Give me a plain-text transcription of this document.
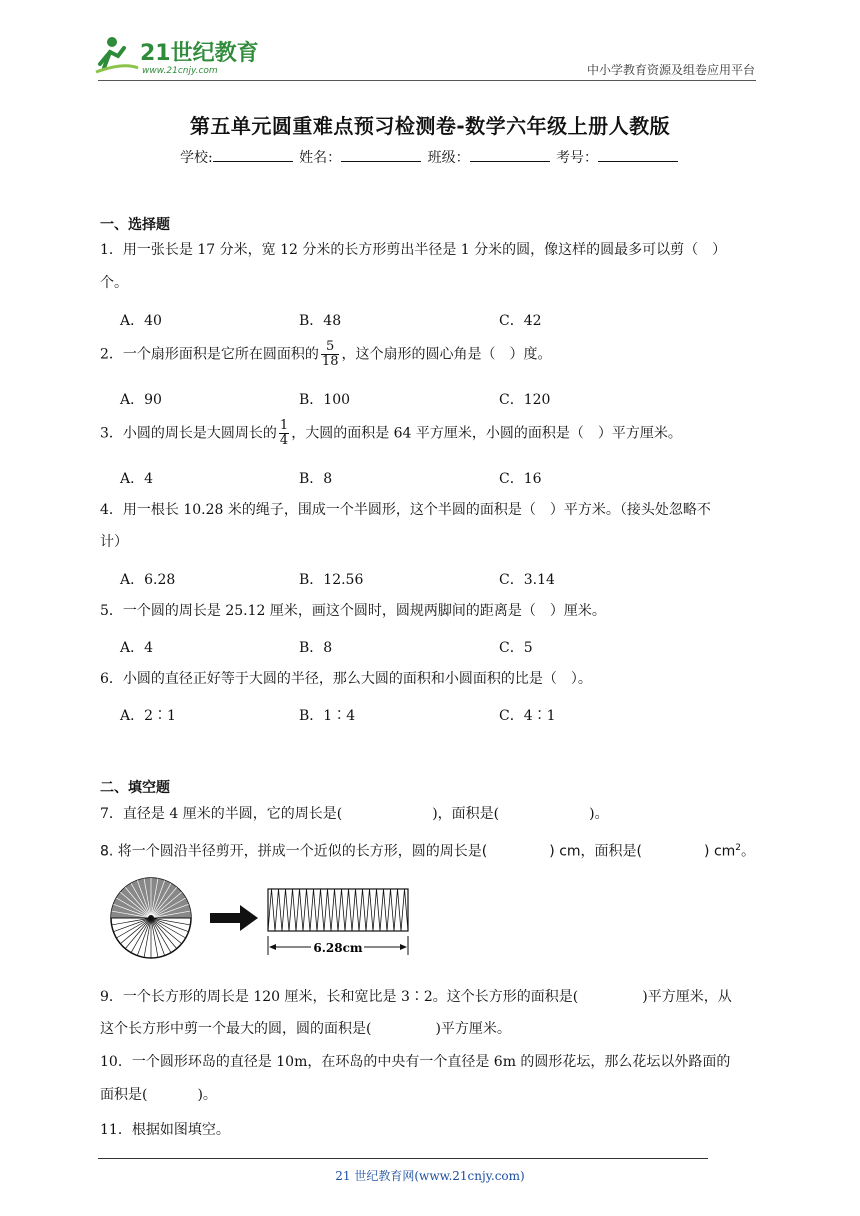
21世纪教育
www.21cnjy.com	中小学教育资源及组卷应用平台
第五单元圆重难点预习检测卷-数学六年级上册人教版
学校:	姓名：	班级：	考号：
一、选择题
1．用一张长是 17 分米，宽 12 分米的长方形剪出半径是 1 分米的圆，像这样的圆最多可以剪（　）
个。
A．40	B．48	C．42
2．一个扇形面积是它所在圆面积的 $\frac{5}{18}$ ，这个扇形的圆心角是（　）度。
A．90	B．100	C．120
3．小圆的周长是大圆周长的 $\frac{1}{4}$ ，大圆的面积是 64 平方厘米，小圆的面积是（　）平方厘米。
A．4	B．8	C．16
4．用一根长 10.28 米的绳子，围成一个半圆形，这个半圆的面积是（　）平方米。（接头处忽略不
计）
A．6.28	B．12.56	C．3.14
5．一个圆的周长是 25.12 厘米，画这个圆时，圆规两脚间的距离是（　）厘米。
A．4	B．8	C．5
6．小圆的直径正好等于大圆的半径，那么大圆的面积和小圆面积的比是（　）。
A．2∶1	B．1∶4	C．4∶1
二、填空题
7．直径是 4 厘米的半圆，它的周长是(	)，面积是(	)。
8. 将一个圆沿半径剪开，拼成一个近似的长方形，圆的周长是(	) cm，面积是(	) $cm^2$。
6.28cm
9．一个长方形的周长是 120 厘米，长和宽比是 3∶2。这个长方形的面积是(	)平方厘米，从
这个长方形中剪一个最大的圆，圆的面积是(	)平方厘米。
10．一个圆形环岛的直径是 10m，在环岛的中央有一个直径是 6m 的圆形花坛，那么花坛以外路面的
面积是(	)。
11．根据如图填空。
21 世纪教育网(www.21cnjy.com)
